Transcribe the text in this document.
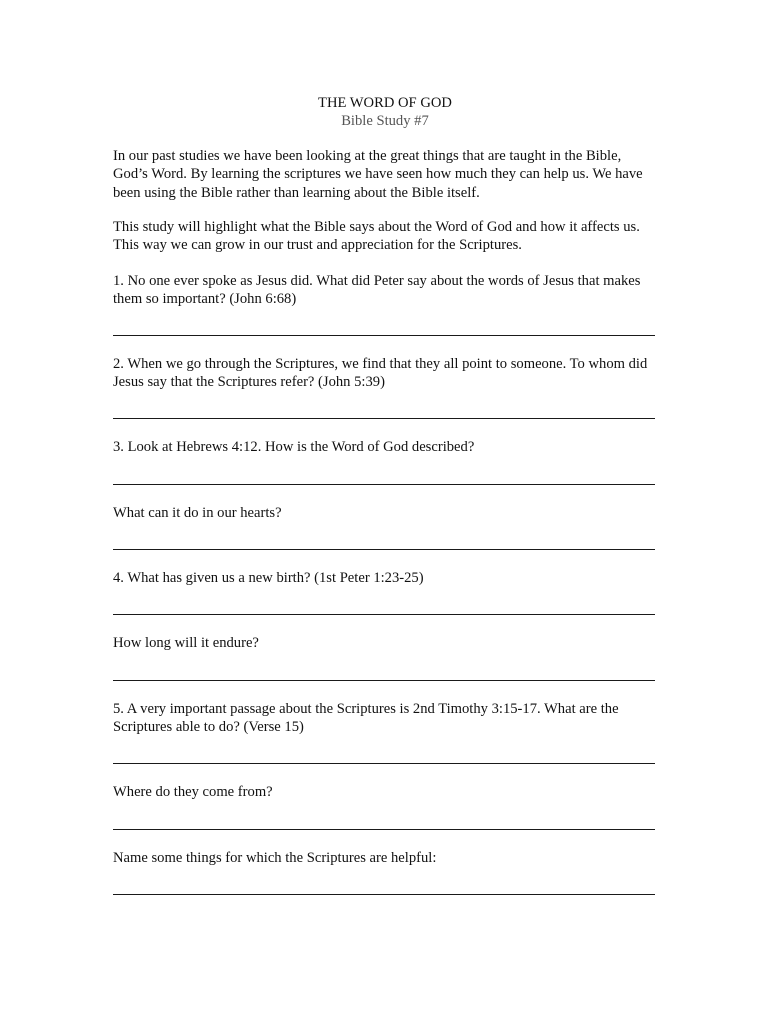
THE WORD OF GOD
Bible Study #7

In our past studies we have been looking at the great things that are taught in the Bible, God’s Word. By learning the scriptures we have seen how much they can help us. We have been using the Bible rather than learning about the Bible itself.

This study will highlight what the Bible says about the Word of God and how it affects us. This way we can grow in our trust and appreciation for the Scriptures.

1. No one ever spoke as Jesus did. What did Peter say about the words of Jesus that makes them so important? (John 6:68)

2. When we go through the Scriptures, we find that they all point to someone. To whom did Jesus say that the Scriptures refer? (John 5:39)

3. Look at Hebrews 4:12. How is the Word of God described?

What can it do in our hearts?

4. What has given us a new birth? (1st Peter 1:23-25)

How long will it endure?

5. A very important passage about the Scriptures is 2nd Timothy 3:15-17. What are the Scriptures able to do? (Verse 15)

Where do they come from?

Name some things for which the Scriptures are helpful:
